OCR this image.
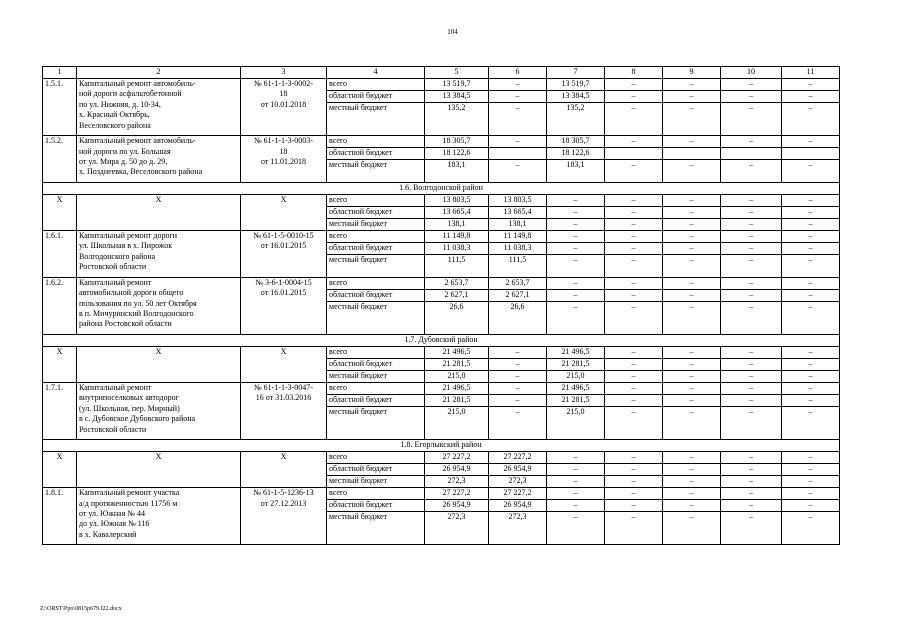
104
1	2	3	4	5	6	7	8	9	10	11
1.5.1.	Капитальный ремонт автомобиль-
ной дороги асфальтобетонной
по ул. Нижняя, д. 10-34,
х. Красный Октябрь,
Веселовского района	№ 61-1-1-3-0002-
18
от 10.01.2018	всего	13 519,7	–	13 519,7	–	–	–	–
			областной бюджет	13 384,5	–	13 384,5	–	–	–	–
			местный бюджет	135,2	–	135,2	–	–	–	–
1.5.2.	Капитальный ремонт автомобиль-
ной дороги по ул. Большая
от ул. Мира д. 50 до д. 29,
х. Позднеевка, Веселовского района	№ 61-1-1-3-0003-
18
от 11.01.2018	всего	18 305,7	–	18 305,7	–	–	–	–
			областной бюджет	18 122,6		18 122,6				
			местный бюджет	183,1	–	183,1	–	–	–	–
1.6. Волгодонской район										
Х	Х	Х	всего	13 803,5	13 803,5	–	–	–	–	–
			областной бюджет	13 665,4	13 665,4	–	–	–	–	–
			местный бюджет	138,1	138,1	–	–	–	–	–
1.6.1.	Капитальный ремонт дороги
ул. Школьная в х. Пирожок
Волгодонского района
Ростовской области	№ 61-1-5-0010-15
от 16.01.2015	всего	11 149,8	11 149,8	–	–	–	–	–
			областной бюджет	11 038,3	11 038,3	–	–	–	–	–
			местный бюджет	111,5	111,5	–	–	–	–	–
1.6.2.	Капитальный ремонт
автомобильной дороги общего
пользования по ул. 50 лет Октября
в п. Мичуринский Волгодонского
района Ростовской области	№ 3-6-1-0004-15
от 16.01.2015	всего	2 653,7	2 653,7	–	–	–	–	–
			областной бюджет	2 627,1	2 627,1	–	–	–	–	–
			местный бюджет	26,6	26,6	–	–	–	–	–
1.7. Дубовский район										
Х	Х	Х	всего	21 496,5	–	21 496,5	–	–	–	–
			областной бюджет	21 281,5	–	21 281,5	–	–	–	–
			местный бюджет	215,0	–	215,0	–	–	–	–
1.7.1.	Капитальный ремонт
внутрипоселковых автодорог
(ул. Школьная, пер. Мирный)
в с. Дубовское Дубовского района
Ростовской области	№ 61-1-1-3-0047-
16 от 31.03.2016	всего	21 496,5	–	21 496,5	–	–	–	–
			областной бюджет	21 281,5	–	21 281,5	–	–	–	–
			местный бюджет	215,0	–	215,0	–	–	–	–
1.8. Егорлыкский район										
Х	Х	Х	всего	27 227,2	27 227,2	–	–	–	–	–
			областной бюджет	26 954,9	26 954,9	–	–	–	–	–
			местный бюджет	272,3	272,3	–	–	–	–	–
1.8.1.	Капитальный ремонт участка
а/д протяженностью 11756 м
от ул. Южная № 44
до ул. Южная № 116
в х. Кавалерский	№ 61-1-5-1236-13
от 27.12.2013	всего	27 227,2	27 227,2	–	–	–	–	–
			областной бюджет	26 954,9	26 954,9	–	–	–	–	–
			местный бюджет	272,3	272,3	–	–	–	–	–
Z:\ORST\Ppo\0815p679.f22.docx
